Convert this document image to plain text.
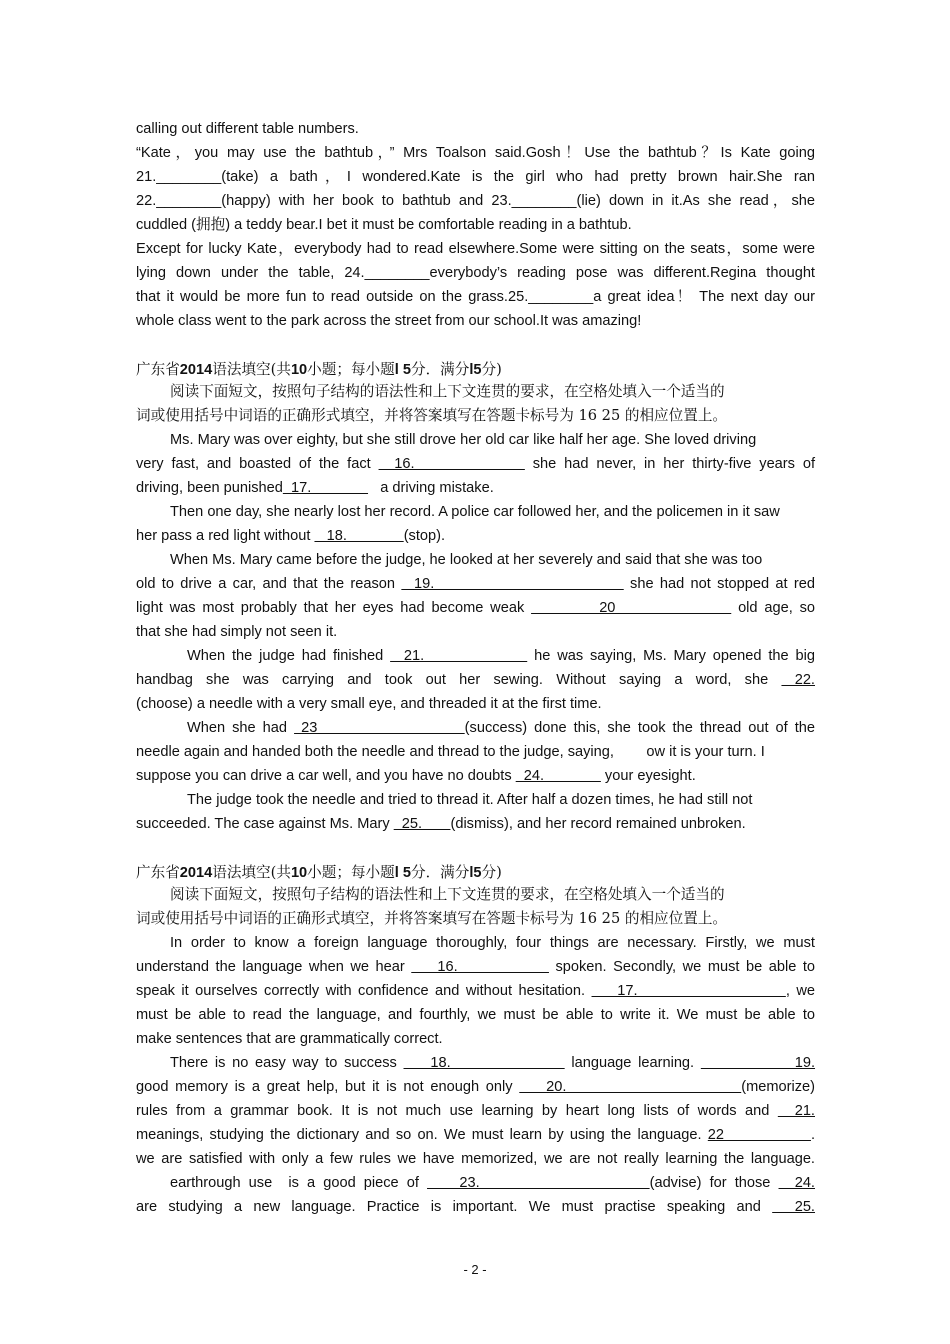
calling out different table numbers.
“Kate，you may use the bathtub，” Mrs Toalson said.Gosh！Use the bathtub？Is Kate going
21.________(take) a bath，I wondered.Kate is the girl who had pretty brown hair.She ran
22.________(happy) with her book to bathtub and 23.________(lie) down in it.As she read，she
cuddled (拥抱) a teddy bear.I bet it must be comfortable reading in a bathtub.
Except for lucky Kate，everybody had to read elsewhere.Some were sitting on the seats，some were
lying down under the table, 24.________everybody’s reading pose was different.Regina thought
that it would be more fun to read outside on the grass.25.________a great idea！ The next day our
whole class went to the park across the street from our school.It was amazing!
广东省2014语法填空(共10小题；每小题l 5分．满分l5分)
阅读下面短文，按照句子结构的语法性和上下文连贯的要求，在空格处填入一个适当的
词或使用括号中词语的正确形式填空，并将答案填写在答题卡标号为 16 25 的相应位置上。
Ms. Mary was over eighty, but she still drove her old car like half her age. She loved driving
very fast, and boasted of the fact   16.               she had never, in her thirty-five years of
driving, been punished  17.                 a driving mistake.
Then one day, she nearly lost her record. A police car followed her, and the policemen in it saw
her pass a red light without    18.              (stop).
When Ms. Mary came before the judge, he looked at her severely and said that she was too
old to drive a car, and that the reason   19.                               she had not stopped at red
light was most probably that her eyes had become weak           20                  old age, so
that she had simply not seen it.
When the judge had finished   21.                he was saying, Ms. Mary opened the big
handbag she was carrying and took out her sewing. Without saying a word, she  22.
(choose) a needle with a very small eye, and threaded it at the first time.
When she had  23                     (success) done this, she took the thread out of the
needle again and handed both the needle and thread to the judge, saying,        ow it is your turn. I
suppose you can drive a car well, and you have no doubts   24.               your eyesight.
The judge took the needle and tried to thread it. After half a dozen times, he had still not
succeeded. The case against Ms. Mary   25.       (dismiss), and her record remained unbroken.
广东省2014语法填空(共10小题；每小题l 5分．满分l5分)
阅读下面短文，按照句子结构的语法性和上下文连贯的要求，在空格处填入一个适当的
词或使用括号中词语的正确形式填空，并将答案填写在答题卡标号为 16 25 的相应位置上。
In order to know a foreign language thoroughly, four things are necessary. Firstly, we must
understand the language when we hear     16.               spoken. Secondly, we must be able to
speak it ourselves correctly with confidence and without hesitation.     17.                       , we
must be able to read the language, and fourthly, we must be able to write it. We must be able to
make sentences that are grammatically correct.
There is no easy way to success     18.                  language learning.               19.
good memory is a great help, but it is not enough only     20.                          (memorize)
rules from a grammar book. It is not much use learning by heart long lists of words and   21.
meanings, studying the dictionary and so on. We must learn by using the language. 22              .
we are satisfied with only a few rules we have memorized, we are not really learning the language.
earthrough use  is a good piece of     23.                     (advise) for those   24.
are studying a new language. Practice is important. We must practise speaking and   25.
- 2 -
